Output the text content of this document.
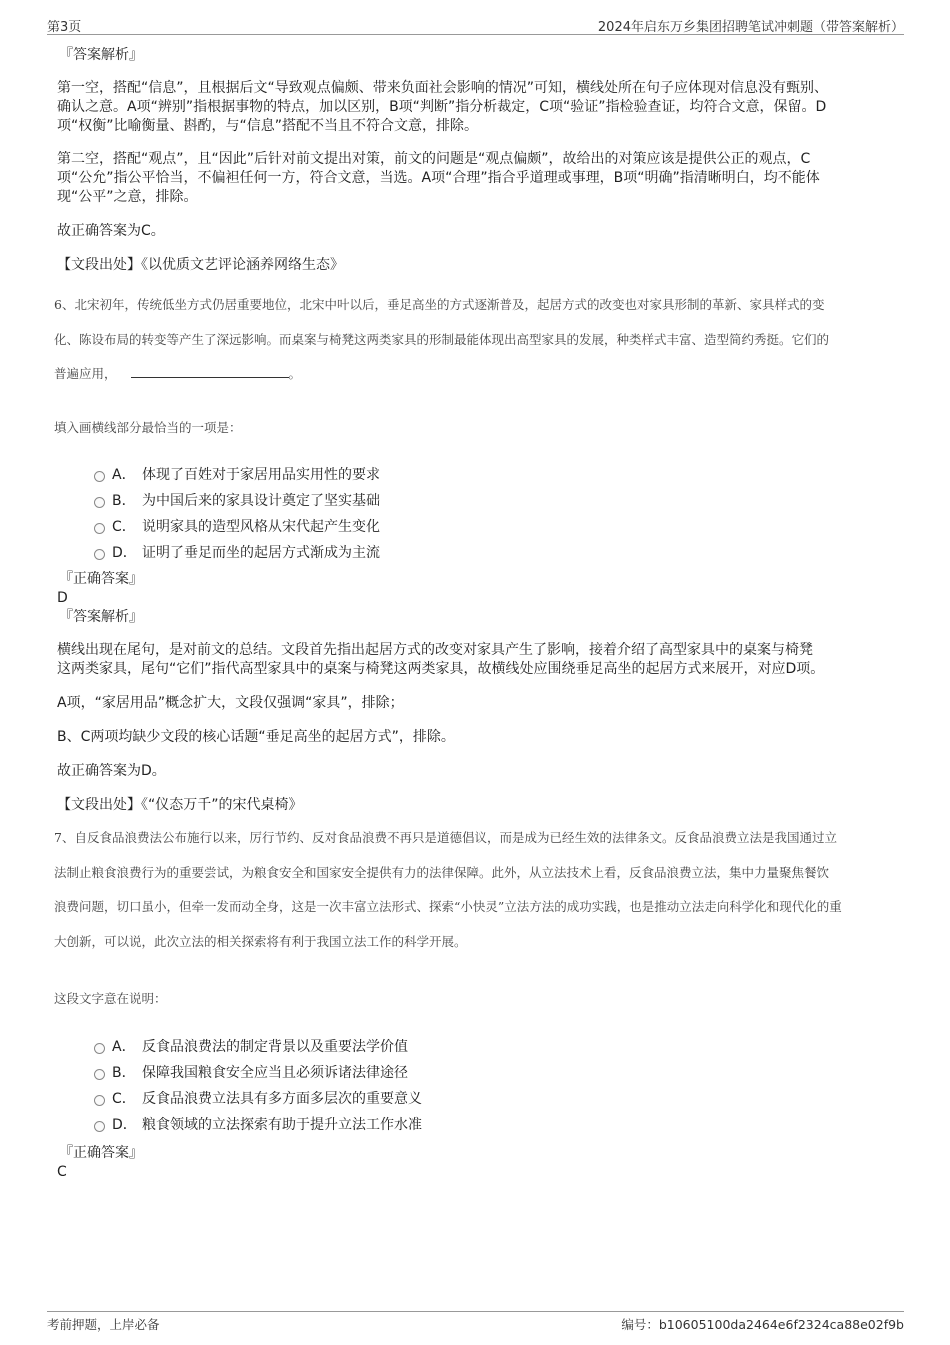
第3页	2024年启东万乡集团招聘笔试冲刺题（带答案解析）

『答案解析』

第一空，搭配“信息”，且根据后文“导致观点偏颇、带来负面社会影响的情况”可知，横线处所在句子应体现对信息没有甄别、

确认之意。A项“辨别”指根据事物的特点，加以区别，B项“判断”指分析裁定，C项“验证”指检验查证，均符合文意，保留。D

项“权衡”比喻衡量、斟酌，与“信息”搭配不当且不符合文意，排除。

第二空，搭配“观点”，且“因此”后针对前文提出对策，前文的问题是“观点偏颇”，故给出的对策应该是提供公正的观点，C

项“公允”指公平恰当，不偏袒任何一方，符合文意，当选。A项“合理”指合乎道理或事理，B项“明确”指清晰明白，均不能体

现“公平”之意，排除。

故正确答案为C。

【文段出处】《以优质文艺评论涵养网络生态》

6、北宋初年，传统低坐方式仍居重要地位，北宋中叶以后，垂足高坐的方式逐渐普及，起居方式的改变也对家具形制的革新、家具样式的变

化、陈设布局的转变等产生了深远影响。而桌案与椅凳这两类家具的形制最能体现出高型家具的发展，种类样式丰富、造型简约秀挺。它们的

普遍应用，	。

填入画横线部分最恰当的一项是：

A． 体现了百姓对于家居用品实用性的要求
B． 为中国后来的家具设计奠定了坚实基础
C． 说明家具的造型风格从宋代起产生变化
D． 证明了垂足而坐的起居方式渐成为主流

『正确答案』

D

『答案解析』

横线出现在尾句，是对前文的总结。文段首先指出起居方式的改变对家具产生了影响，接着介绍了高型家具中的桌案与椅凳

这两类家具，尾句“它们”指代高型家具中的桌案与椅凳这两类家具，故横线处应围绕垂足高坐的起居方式来展开，对应D项。

A项，“家居用品”概念扩大，文段仅强调“家具”，排除；

B、C两项均缺少文段的核心话题“垂足高坐的起居方式”，排除。

故正确答案为D。

【文段出处】《“仪态万千”的宋代桌椅》

7、自反食品浪费法公布施行以来，厉行节约、反对食品浪费不再只是道德倡议，而是成为已经生效的法律条文。反食品浪费立法是我国通过立

法制止粮食浪费行为的重要尝试，为粮食安全和国家安全提供有力的法律保障。此外，从立法技术上看，反食品浪费立法，集中力量聚焦餐饮

浪费问题，切口虽小，但牵一发而动全身，这是一次丰富立法形式、探索“小快灵”立法方法的成功实践，也是推动立法走向科学化和现代化的重

大创新，可以说，此次立法的相关探索将有利于我国立法工作的科学开展。

这段文字意在说明：

A． 反食品浪费法的制定背景以及重要法学价值
B． 保障我国粮食安全应当且必须诉诸法律途径
C． 反食品浪费立法具有多方面多层次的重要意义
D． 粮食领域的立法探索有助于提升立法工作水准

『正确答案』

C

考前押题，上岸必备	编号：b10605100da2464e6f2324ca88e02f9b
